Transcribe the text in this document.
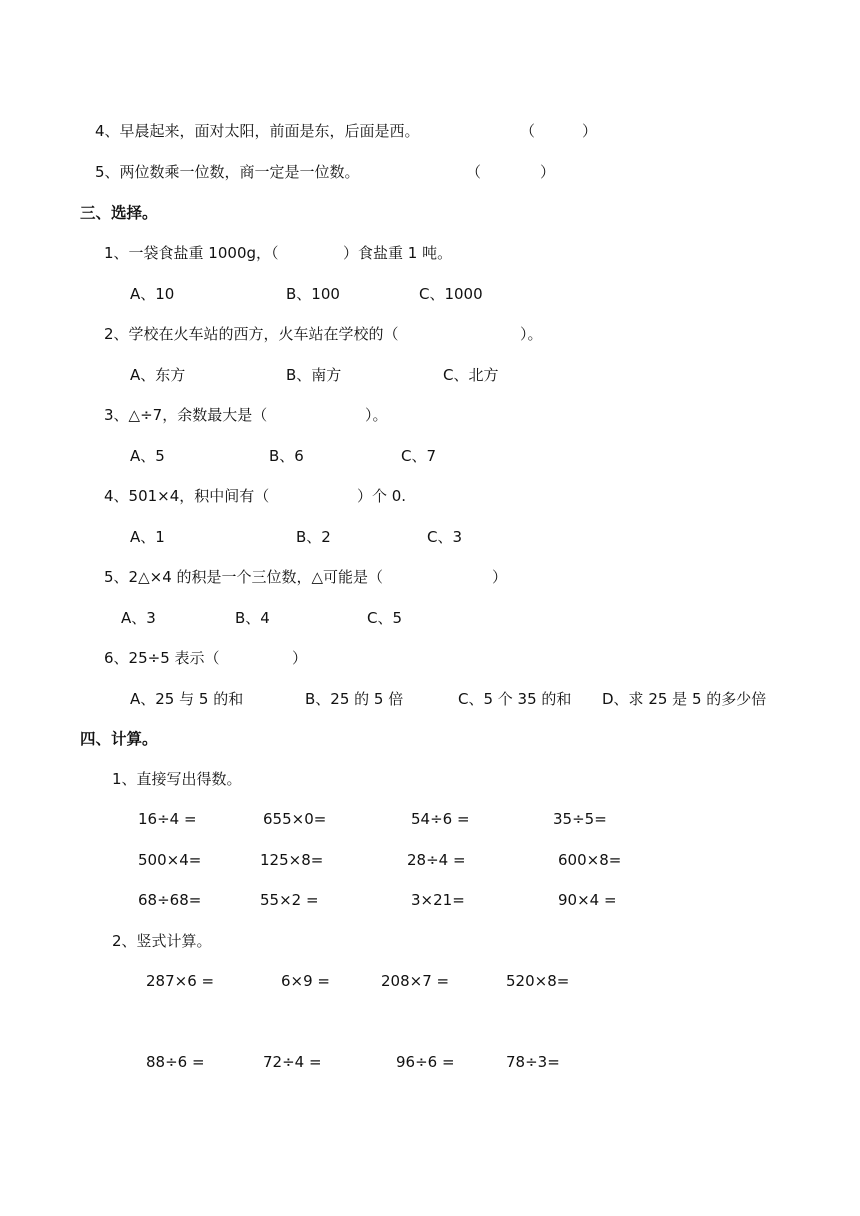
4、早晨起来，面对太阳，前面是东，后面是西。	（	）
5、两位数乘一位数，商一定是一位数。	（	）
三、选择。
1、一袋食盐重 1000g，（	）食盐重 1 吨。
A、10	B、100	C、1000
2、学校在火车站的西方，火车站在学校的（	）。
A、东方	B、南方	C、北方
3、△÷7，余数最大是（	）。
A、5	B、6	C、7
4、501×4，积中间有（	）个 0.
A、1	B、2	C、3
5、2△×4 的积是一个三位数，△可能是（	）
A、3	B、4	C、5
6、25÷5 表示（	）
A、25 与 5 的和	B、25 的 5 倍	C、5 个 35 的和 D、求 25 是 5 的多少倍
四、计算。
1、直接写出得数。
16÷4 =	655×0=	54÷6 =	35÷5=
500×4=	125×8=	28÷4 =	600×8=
68÷68=	55×2 =	3×21=	90×4 =
2、竖式计算。
287×6 =	6×9 =	208×7 =	520×8=
88÷6 =	72÷4 =	96÷6 =	78÷3=
